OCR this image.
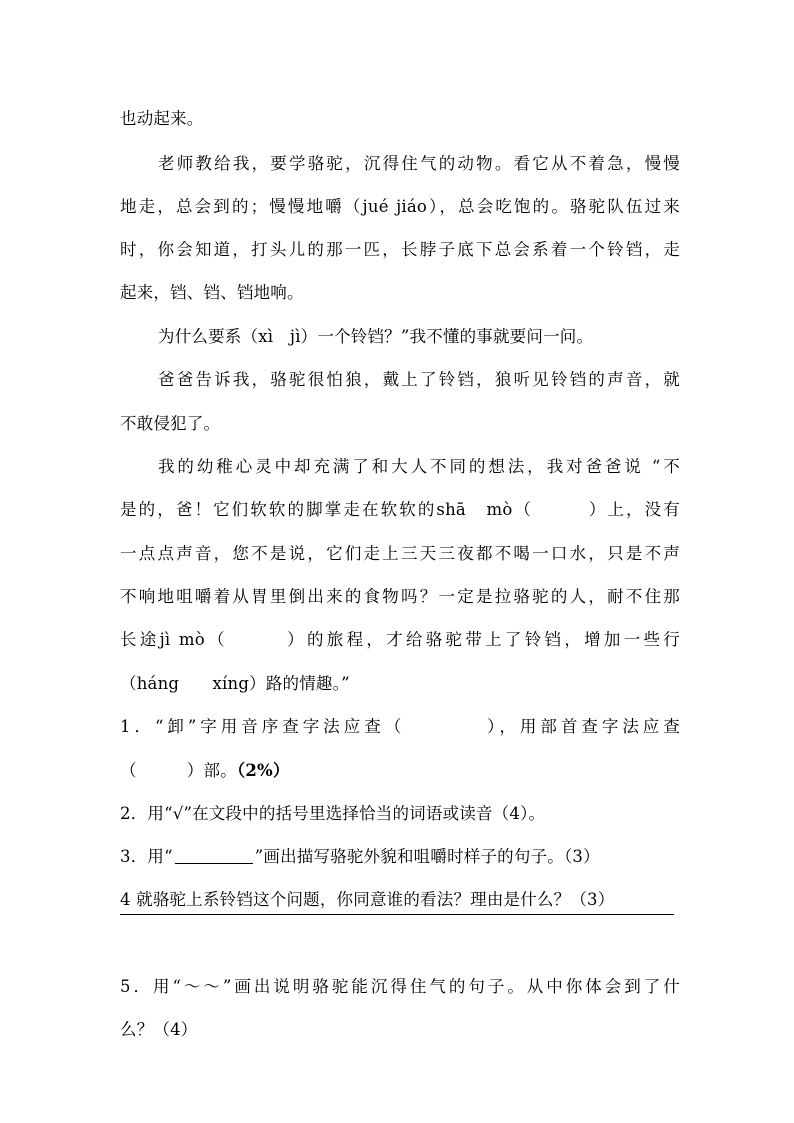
也动起来。
老师教给我，要学骆驼，沉得住气的动物。看它从不着急，慢慢
地走，总会到的；慢慢地嚼（jué jiáo），总会吃饱的。骆驼队伍过来
时，你会知道，打头儿的那一匹，长脖子底下总会系着一个铃铛，走
起来，铛、铛、铛地响。
为什么要系（xì　jì）一个铃铛？”我不懂的事就要问一问。
爸爸告诉我，骆驼很怕狼，戴上了铃铛，狼听见铃铛的声音，就
不敢侵犯了。
我的幼稚心灵中却充满了和大人不同的想法，我对爸爸说 “不
是的，爸！它们软软的脚掌走在软软的shā　mò（　　　）上，没有
一点点声音，您不是说，它们走上三天三夜都不喝一口水，只是不声
不响地咀嚼着从胃里倒出来的食物吗？一定是拉骆驼的人，耐不住那
长途jì mò（　　　）的旅程，才给骆驼带上了铃铛，增加一些行
（háng　　xíng）路的情趣。”
1．“卸”字用音序查字法应查（　　　　），用部首查字法应查
（　　　）部。（2%）
2．用“√”在文段中的括号里选择恰当的词语或读音（4）。
3．用“	”画出描写骆驼外貌和咀嚼时样子的句子。（3）
4 就骆驼上系铃铛这个问题，你同意谁的看法？理由是什么？（3）
5．用“～～”画出说明骆驼能沉得住气的句子。从中你体会到了什
么？（4）
